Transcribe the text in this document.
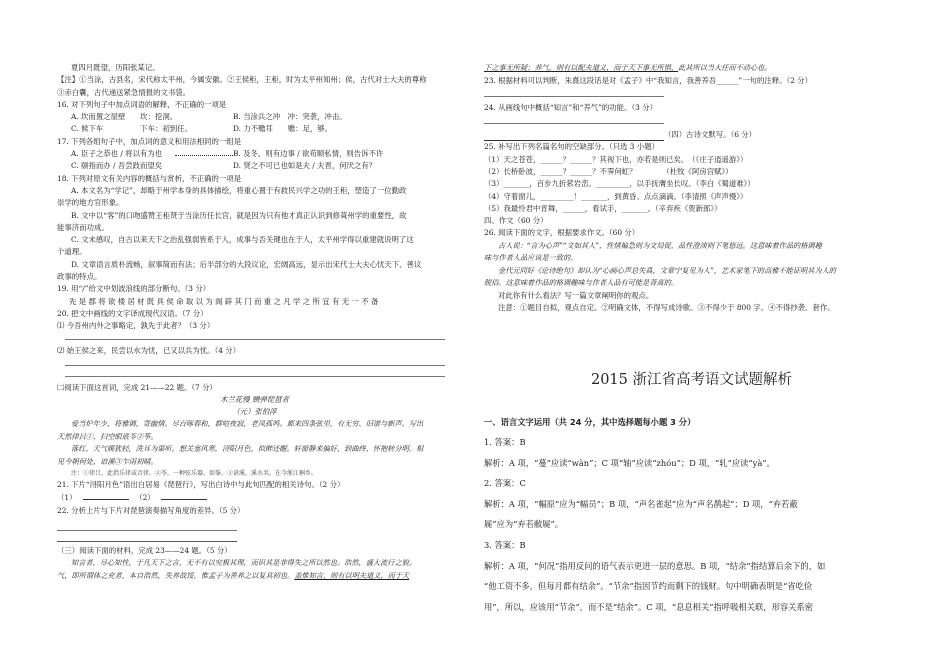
夏四月既望，历阳张某记。
【注】①当涂，古县名，宋代称太平州，今属安徽。②王侯秬，王秬，时为太平州知州；侯，古代对士大夫的尊称
③赤白囊，古代递送紧急情报的文书袋。
16. 对下列句子中加点词语的解释，不正确的一项是
A. 坎而置之屋壁　　坎：挖洞。	B. 当涂兵之冲　冲：突袭，冲击。
C. 候下车　　　　　下车：初到任。	D. 力不赡耳　　赡：足，够。
17. 下列各组句子中，加点词的意义和用法相同的一组是
A. 臣子之恭也 / 将以有为也	B. 及冬，则有边事 / 欲苟顺私情，则告诉不许
C. 颐指而办 / 吾尝跂而望矣	D. 贤之不可已也如是夫 / 夫晋，何厌之有？
18. 下列对原文有关内容的概括与赏析，不正确的一项是
A. 本文名为“学记”，却略于州学本身的具体描绘，将重心置于有救民兴学之功的王秬，塑造了一位勤政
崇学的地方官形象。
B. 文中以“客”的口吻盛赞王秬贤于当涂历任长官，就是因为只有他才真正认识到修葺州学的重要性，故
能事济而功成。
C. 文末感叹，自古以来天下之治乱强弱皆系于人，成事与否关键也在于人，太平州学得以重建就说明了这
个道理。
D. 文章语言质朴流畅，叙事简而有法；后半部分的大段议论，宏阔高远，显示出宋代士大夫心忧天下、善议
政事的特点。
19. 用“/”给文中划波浪线的部分断句。（3 分）
先 是 郡 将 欲 楼 居 材 既 具 侯 命 取 以 为 阁 辟 其 门 而 重 之 凡 学 之 所 宜 有 无 一 不 备
20. 把文中画线的文字译成现代汉语。（7 分）
⑴ 今吾州内外之事略定，孰先于此者？（3 分）
⑵ 始王侯之来，民尝以水为忧，已又以兵为忧。（4 分）
㈡阅读下面这首词，完成 21——22 题。（7 分）
木兰花慢 赠弹琵琶者
（元）张伯淳
爱当炉年少，将雅调，寄幽情。尽百啄春和，群喧夜寂，老凤孤鸣。都来四条弦里，有无穷、旧谱与新声。写出
天然律吕①，扫空眼底苓②筝。
落红。天气暖犹轻，洗耳为渠听。想关塞风寒，浔阳月色，似醉还醒。轩窗静来偏好，到曲终、怀抱转分明。相
见今朝何处，谙溪③乍雨初晴。
注：①律吕，此指乐律或音律。②苓，一种弦乐器，如筝。③谙溪，溪水名，在今浙江桐乡。
21. 下片“浔阳月色”语出白居易《琵琶行》，写出白诗中与此句匹配的相关诗句。（2 分）
（1）	（2）
22. 分析上片与下片对琵琶演奏描写角度的差异。（5 分）
（三）阅读下面的材料，完成 23——24 题。（5 分）
知言者，尽心知性，于凡天下之言，无不有以究极其理，而识其是非得失之所以然也。浩然，盛大流行之貌。
气，即所谓体之充者，本自浩然，失养故馁，惟孟子为善养之以复其初也。盖惟知言，则有以明夫道义，而于天
下之事无所疑；养气，则有以配夫道义，而于天下事无所惧，此其所以当大任而不动心也。
23. 根据材料可以判断，朱熹这段话是对《孟子》中“我知言，我善养吾______”一句的注释。（2 分）
24. 从画线句中概括“知言”和“养气”的功能。（3 分）
（四）古诗文默写。（6 分）
25. 补写出下列名篇名句的空缺部分。（只选 3 小题）
（1）天之苍苍，______？______？其视下也，亦若是则已矣。　（《庄子逍遥游》）
（2）长桥卧波，______？______？不霁何虹？　　　　（杜牧《阿房宫赋》）
（3）_______，百步九折萦岩峦。_________，以手抚膺坐长叹。（李白《蜀道难》）
（4）守着窗儿，_________！_______，到黄昏、点点滴滴。（李清照《声声慢》）
（5）我最怜君中宵舞，______，看试手，_______。（辛弃疾《贺新郎》）
四、作文（60 分）
26. 阅读下面的文字，根据要求作文。（60 分）
古人说：“言为心声”“文如其人”，性情褊急则为文局促，品性澄淡则下笔悠远。这意味着作品的格调趣
味与作者人品应该是一致的。
金代元同好《论诗绝句》却认为“心画心声总失真，文章宁复见为人”，艺术家笔下的高雅不能证明其为人的
脱俗。这意味着作品的格调趣味与作者人品有可能是背离的。
对此你有什么看法？写一篇文章阐明你的观点。
注意：①题目自拟，观点自定。②明确文体，不得写成诗歌。③不得少于 800 字。④不得抄袭、套作。
2015 浙江省高考语文试题解析
一、语言文字运用（共 24 分，其中选择题每小题 3 分）
1. 答案：B
解析：A 项，“蔓”应读“wàn”；C 项“轴”应读“zhóu”；D 项，“轧”应读“yà”。
2. 答案：C
解析：A 项，“幅原”应为“幅员”；B 项，“声名雀起”应为“声名鹊起”；D 项，“弃若蔽
屣”应为“弃若敝屣”。
3. 答案：B
解析：A 项，“何况”指用反问的语气表示更进一层的意思。B 项，“结余”指结算后余下的，如
“他工资不多，但每月都有结余”。“节余”指因节约而剩下的钱财。句中明确表明是“省吃俭
用”，所以，应该用“节余”，而不是“结余”。C 项，“息息相关”指呼吸相关联，形容关系密
